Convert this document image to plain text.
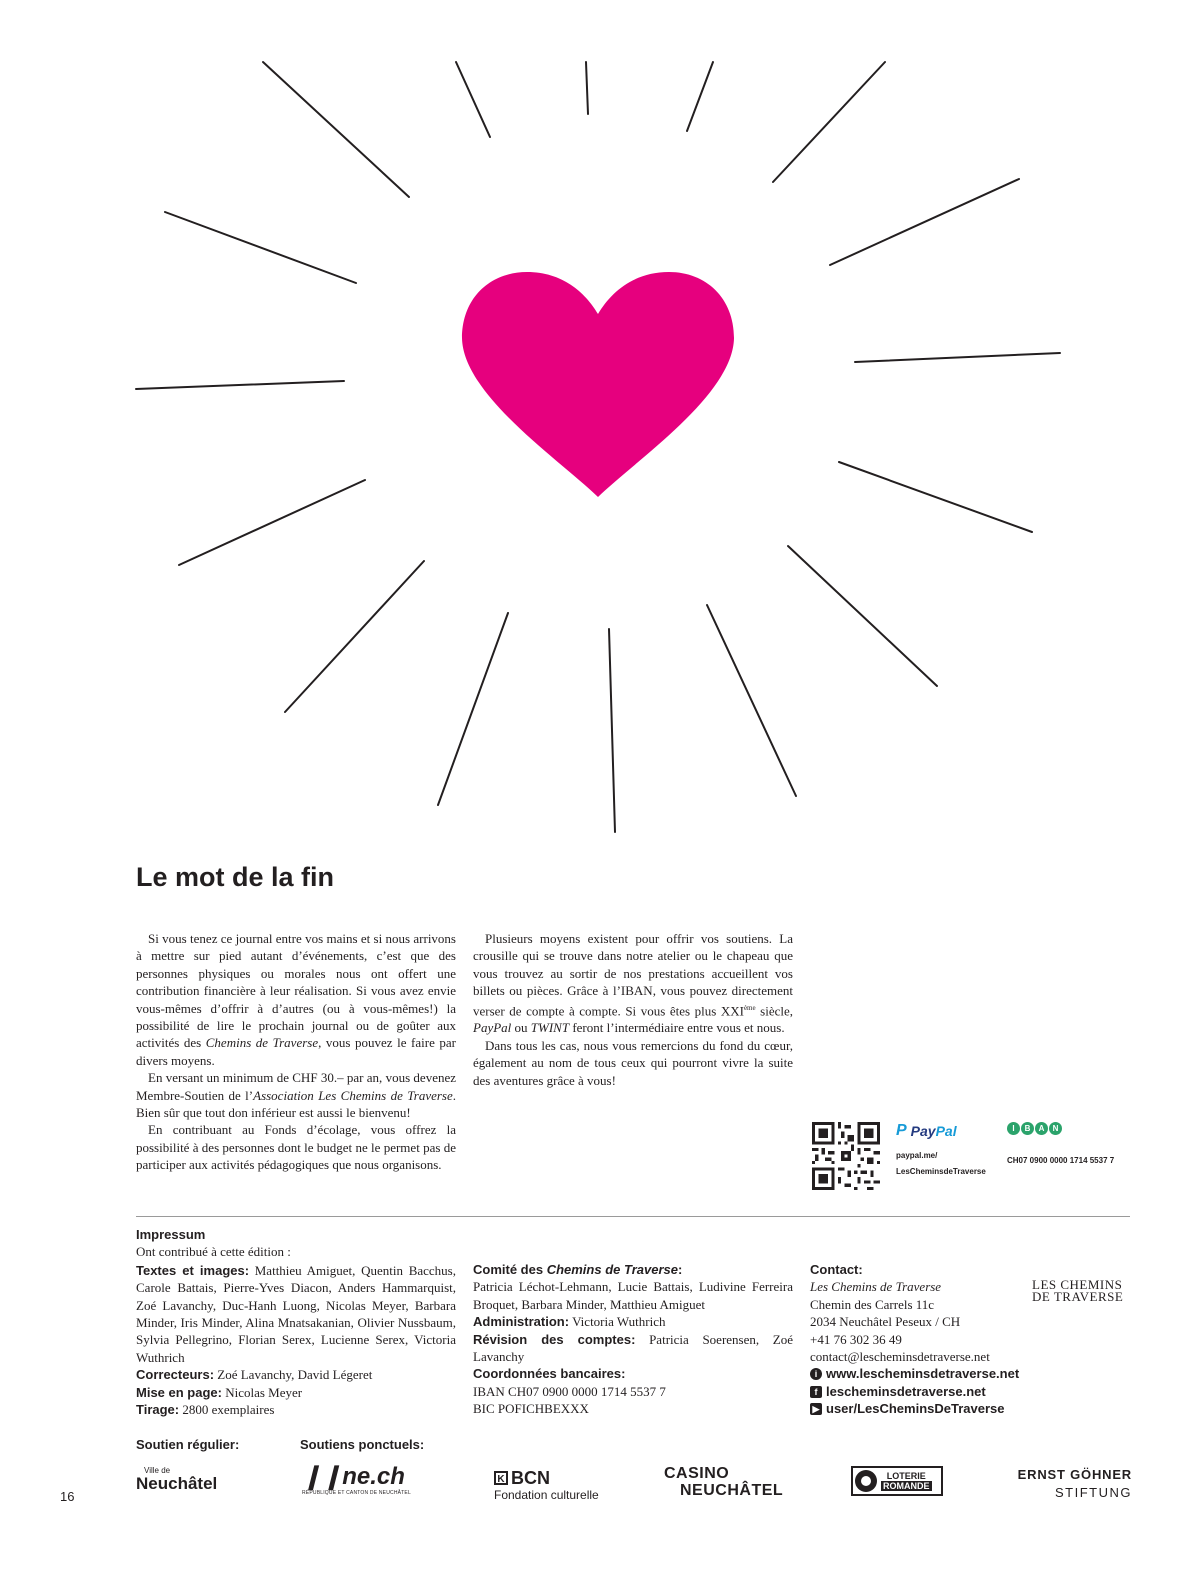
Le mot de la fin

Si vous tenez ce journal entre vos mains et si nous arrivons à mettre sur pied autant d’événements, c’est que des personnes physiques ou morales nous ont offert une contribution financière à leur réalisation. Si vous avez envie vous-mêmes d’offrir à d’autres (ou à vous-mêmes!) la possibilité de lire le prochain journal ou de goûter aux activités des Chemins de Traverse, vous pouvez le faire par divers moyens.

En versant un minimum de CHF 30.– par an, vous devenez Membre-Soutien de l’Association Les Chemins de Traverse. Bien sûr que tout don inférieur est aussi le bienvenu!

En contribuant au Fonds d’écolage, vous offrez la possibilité à des personnes dont le budget ne le permet pas de participer aux activités pédagogiques que nous organisons.

Plusieurs moyens existent pour offrir vos soutiens. La crousille qui se trouve dans notre atelier ou le chapeau que vous trouvez au sortir de nos prestations accueillent vos billets ou pièces. Grâce à l’IBAN, vous pouvez directement verser de compte à compte. Si vous êtes plus XXIème siècle, PayPal ou TWINT feront l’intermédiaire entre vous et nous.

Dans tous les cas, nous vous remercions du fond du cœur, également au nom de tous ceux qui pourront vivre la suite des aventures grâce à vous!

P PayPal
paypal.me/
LesCheminsdeTraverse
I	B	A	N
CH07 0900 0000 1714 5537 7
Impressum

Ont contribué à cette édition :

Textes et images: Matthieu Amiguet, Quentin Bacchus, Carole Battais, Pierre-Yves Diacon, Anders Hammarquist, Zoé Lavanchy, Duc-Hanh Luong, Nicolas Meyer, Barbara Minder, Iris Minder, Alina Mnatsakanian, Olivier Nussbaum, Sylvia Pellegrino, Florian Serex, Lucienne Serex, Victoria Wuthrich

Correcteurs: Zoé Lavanchy, David Légeret

Mise en page: Nicolas Meyer

Tirage: 2800 exemplaires

Comité des Chemins de Traverse:

Patricia Léchot-Lehmann, Lucie Battais, Ludivine Ferreira Broquet, Barbara Minder, Matthieu Amiguet

Administration: Victoria Wuthrich

Révision des comptes: Patricia Soerensen, Zoé Lavanchy

Coordonnées bancaires:

IBAN CH07 0900 0000 1714 5537 7

BIC POFICHBEXXX

Contact:

Les Chemins de Traverse

Chemin des Carrels 11c

2034 Neuchâtel Peseux / CH

+41 76 302 36 49

contact@lescheminsdetraverse.net

i www.lescheminsdetraverse.net
f lescheminsdetraverse.net
▶ user/LesCheminsDeTraverse
LES CHEMINS
DE TRAVERSE
Soutien régulier:	Soutiens ponctuels:
Ville de
Neuchâtel	❙❙ne.ch
RÉPUBLIQUE ET CANTON DE NEUCHÂTEL
K BCN
Fondation culturelle
CASINO
NEUCHÂTEL
LOTERIE
ROMANDE
ERNST GÖHNER
STIFTUNG
16
